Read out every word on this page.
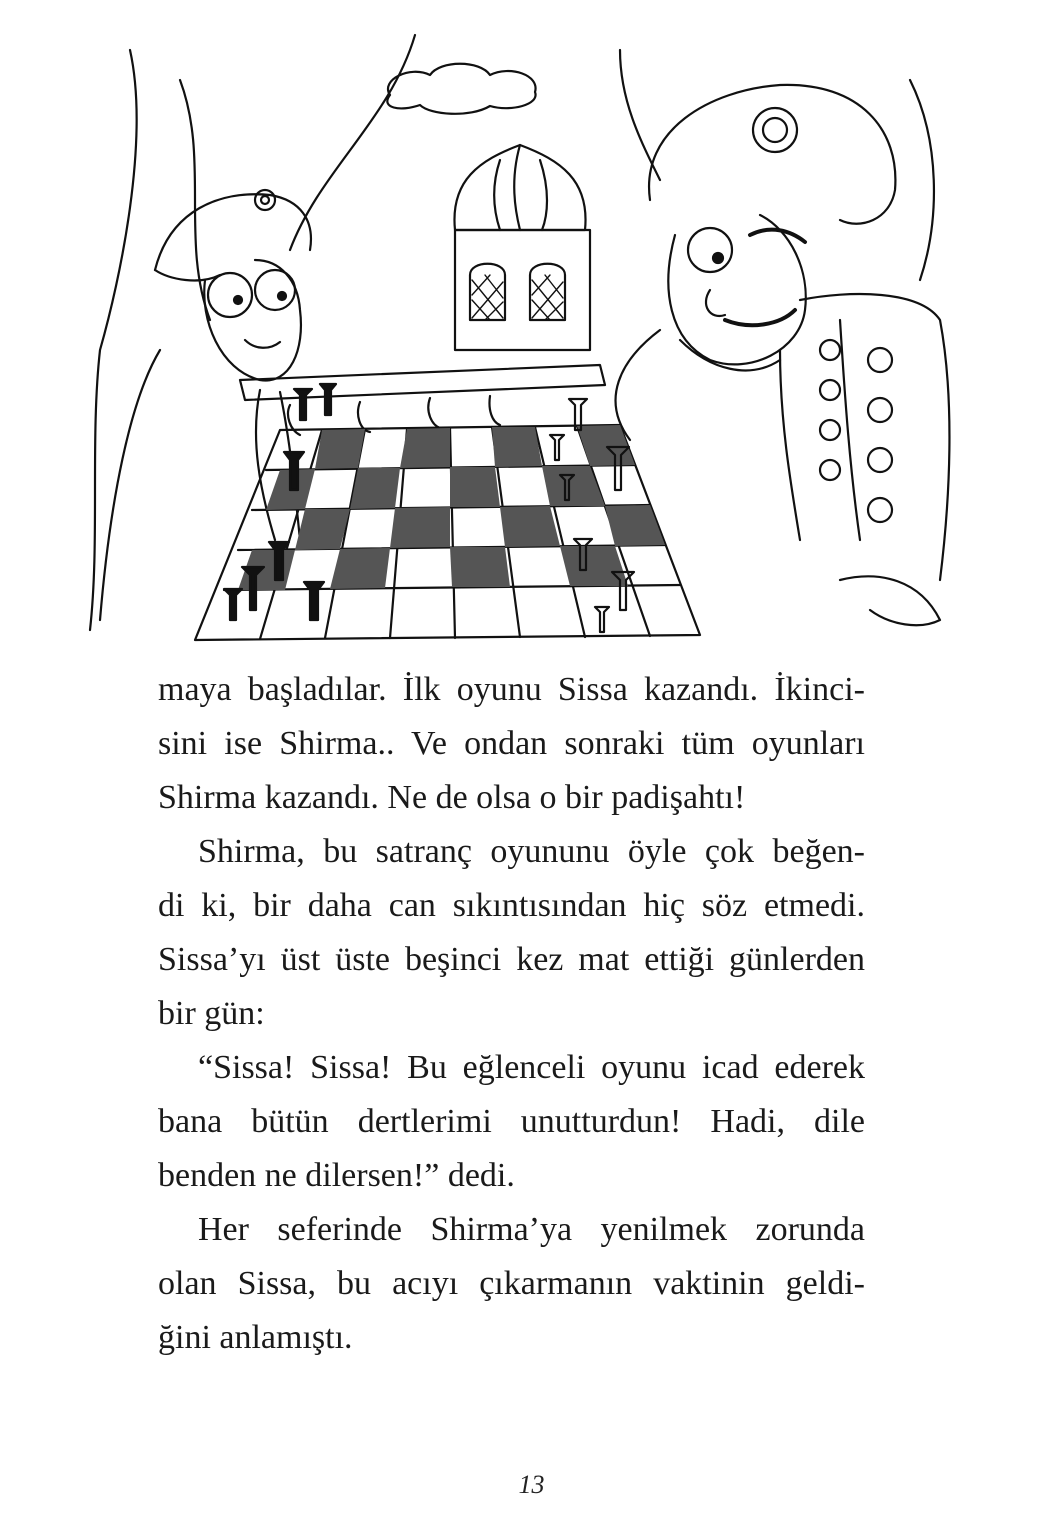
maya başladılar. İlk oyunu Sissa kazandı. İkinci-
sini ise Shirma.. Ve ondan sonraki tüm oyunları
Shirma kazandı. Ne de olsa o bir padişahtı!

Shirma, bu satranç oyununu öyle çok beğen-
di ki, bir daha can sıkıntısından hiç söz etmedi.
Sissa’yı üst üste beşinci kez mat ettiği günlerden
bir gün:

“Sissa! Sissa! Bu eğlenceli oyunu icad ederek
bana bütün dertlerimi unutturdun! Hadi, dile
benden ne dilersen!” dedi.

Her seferinde Shirma’ya yenilmek zorunda
olan Sissa, bu acıyı çıkarmanın vaktinin geldi-
ğini anlamıştı.

13
